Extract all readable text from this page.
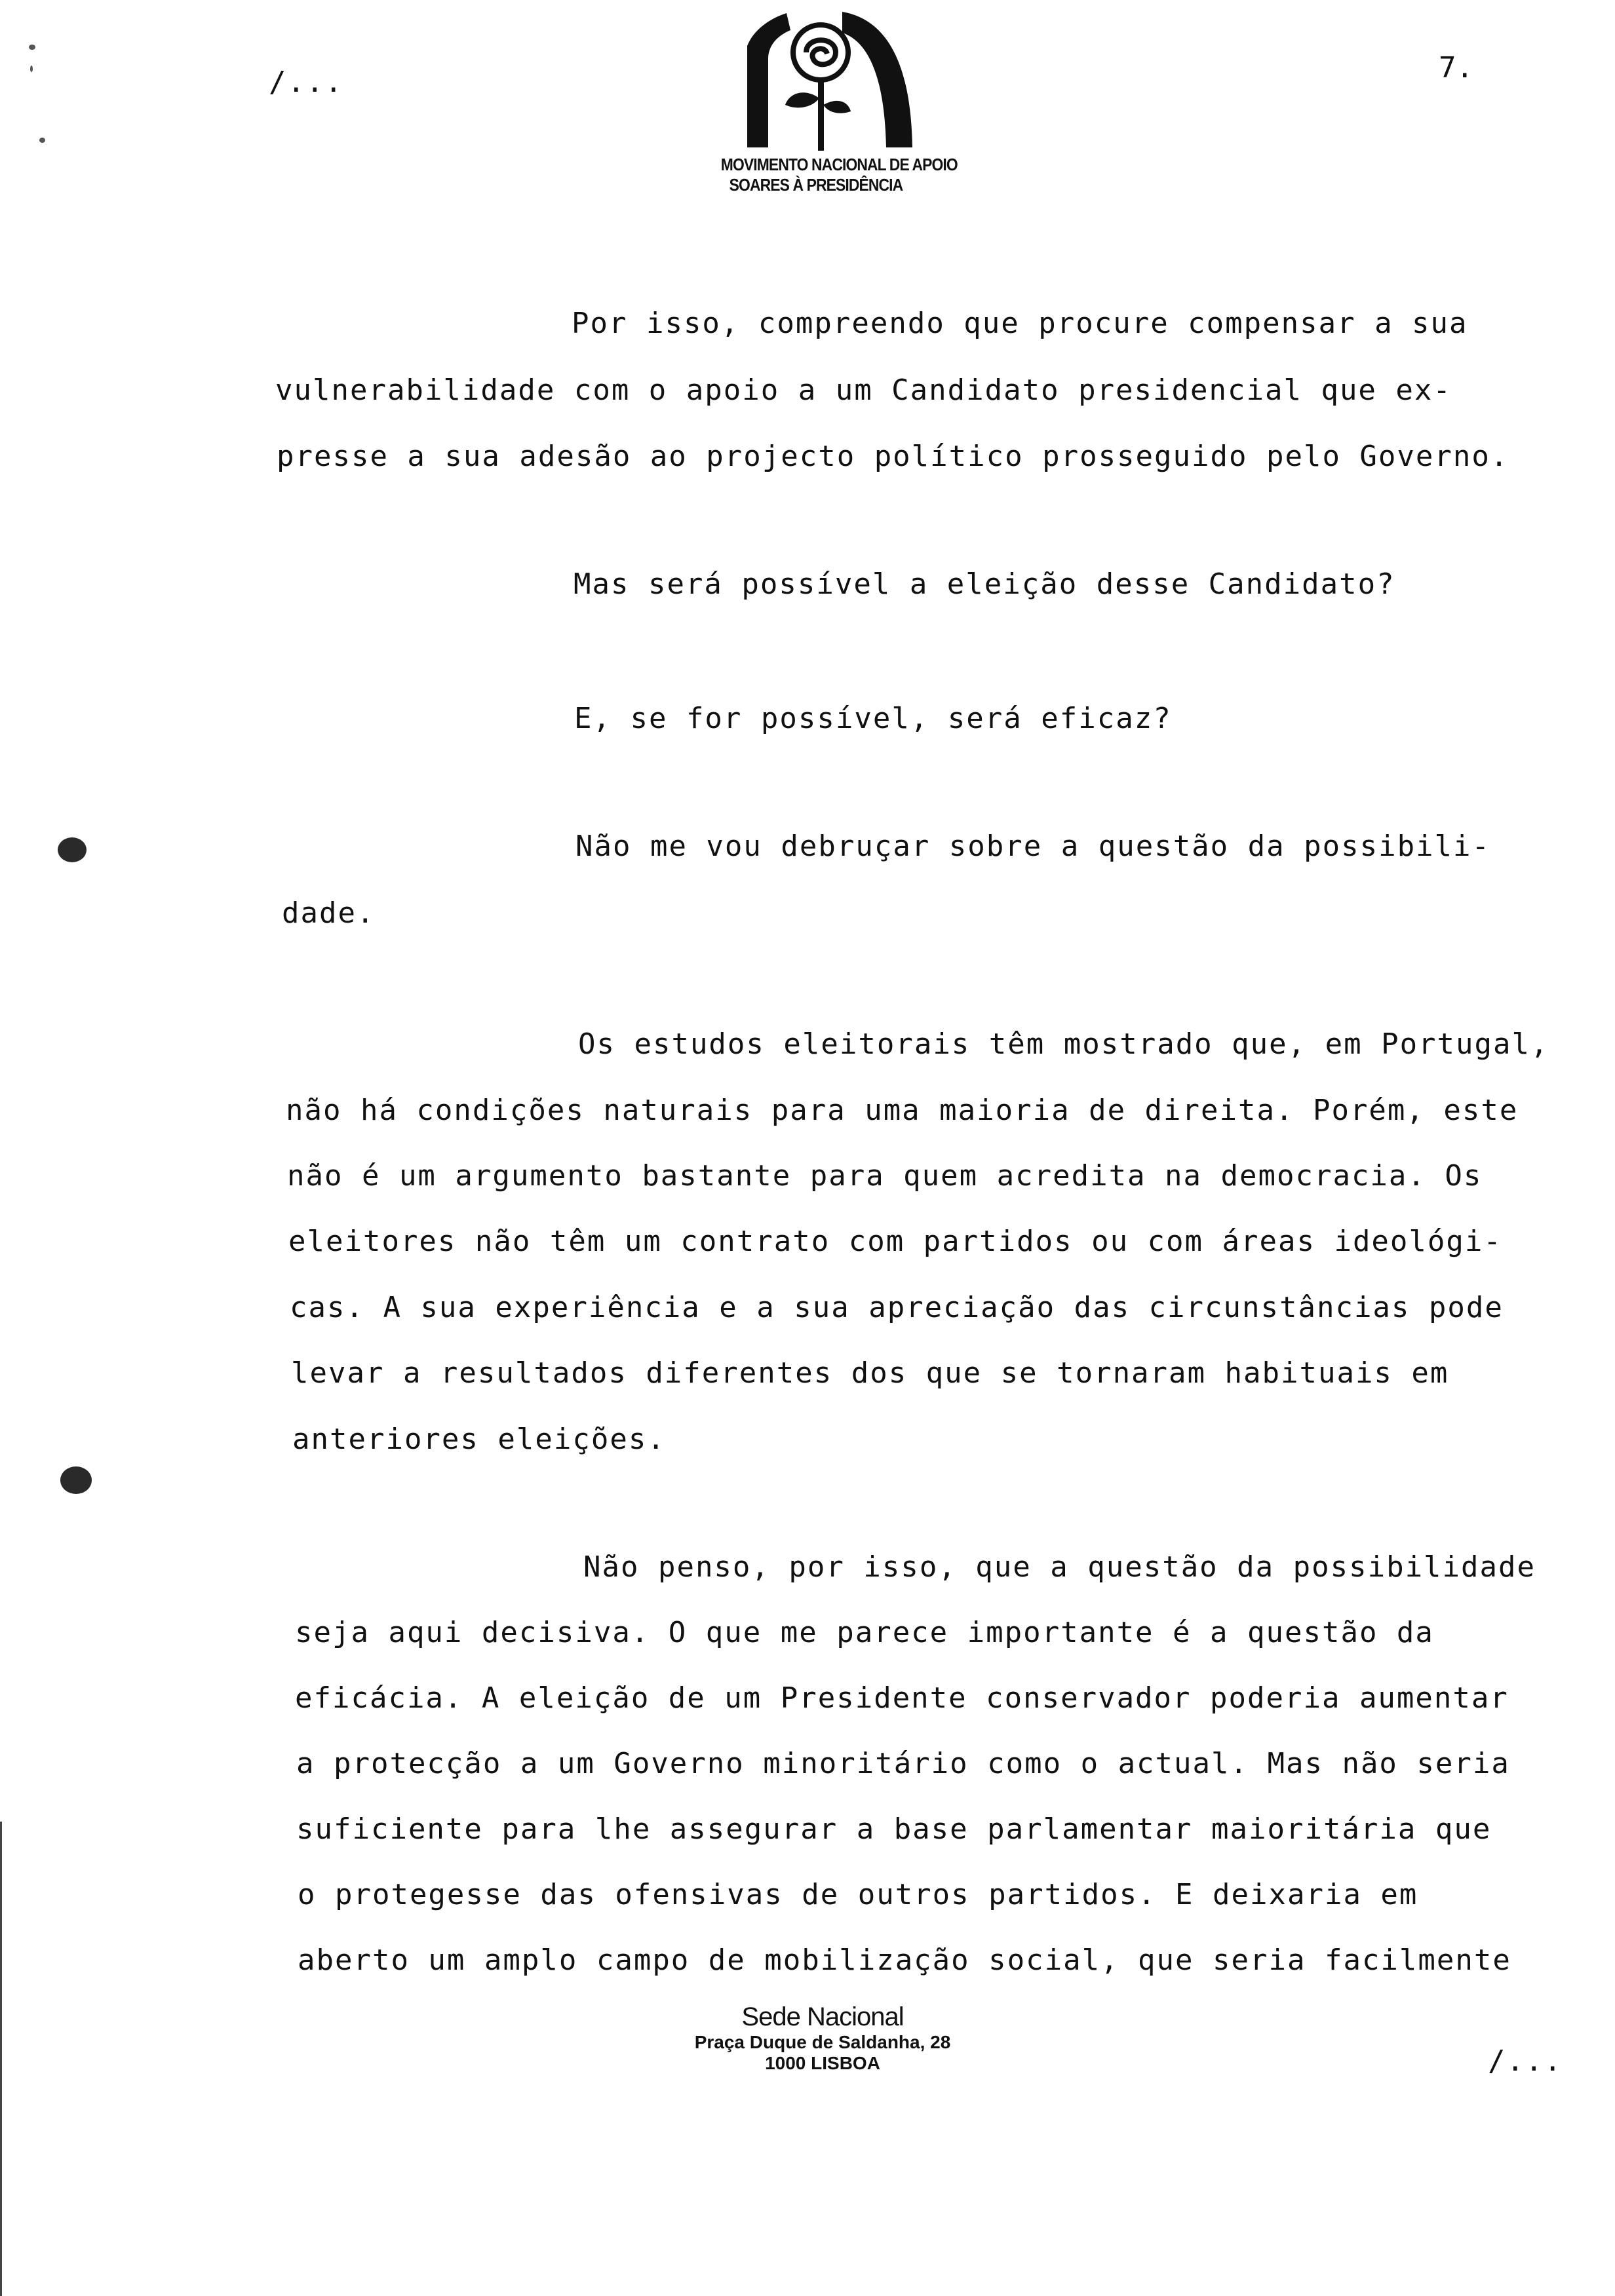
/...
MOVIMENTO NACIONAL DE APOIO
SOARES À PRESIDÊNCIA
7.
Por isso, compreendo que procure compensar a sua
vulnerabilidade com o apoio a um Candidato presidencial que ex-
presse a sua adesão ao projecto político prosseguido pelo Governo.
Mas será possível a eleição desse Candidato?
E, se for possível, será eficaz?
Não me vou debruçar sobre a questão da possibili-
dade.
Os estudos eleitorais têm mostrado que, em Portugal,
não há condições naturais para uma maioria de direita. Porém, este
não é um argumento bastante para quem acredita na democracia. Os
eleitores não têm um contrato com partidos ou com áreas ideológi-
cas. A sua experiência e a sua apreciação das circunstâncias pode
levar a resultados diferentes dos que se tornaram habituais em
anteriores eleições.
Não penso, por isso, que a questão da possibilidade
seja aqui decisiva. O que me parece importante é a questão da
eficácia. A eleição de um Presidente conservador poderia aumentar
a protecção a um Governo minoritário como o actual. Mas não seria
suficiente para lhe assegurar a base parlamentar maioritária que
o protegesse das ofensivas de outros partidos. E deixaria em
aberto um amplo campo de mobilização social, que seria facilmente
Sede Nacional
Praça Duque de Saldanha, 28
1000 LISBOA	/...
